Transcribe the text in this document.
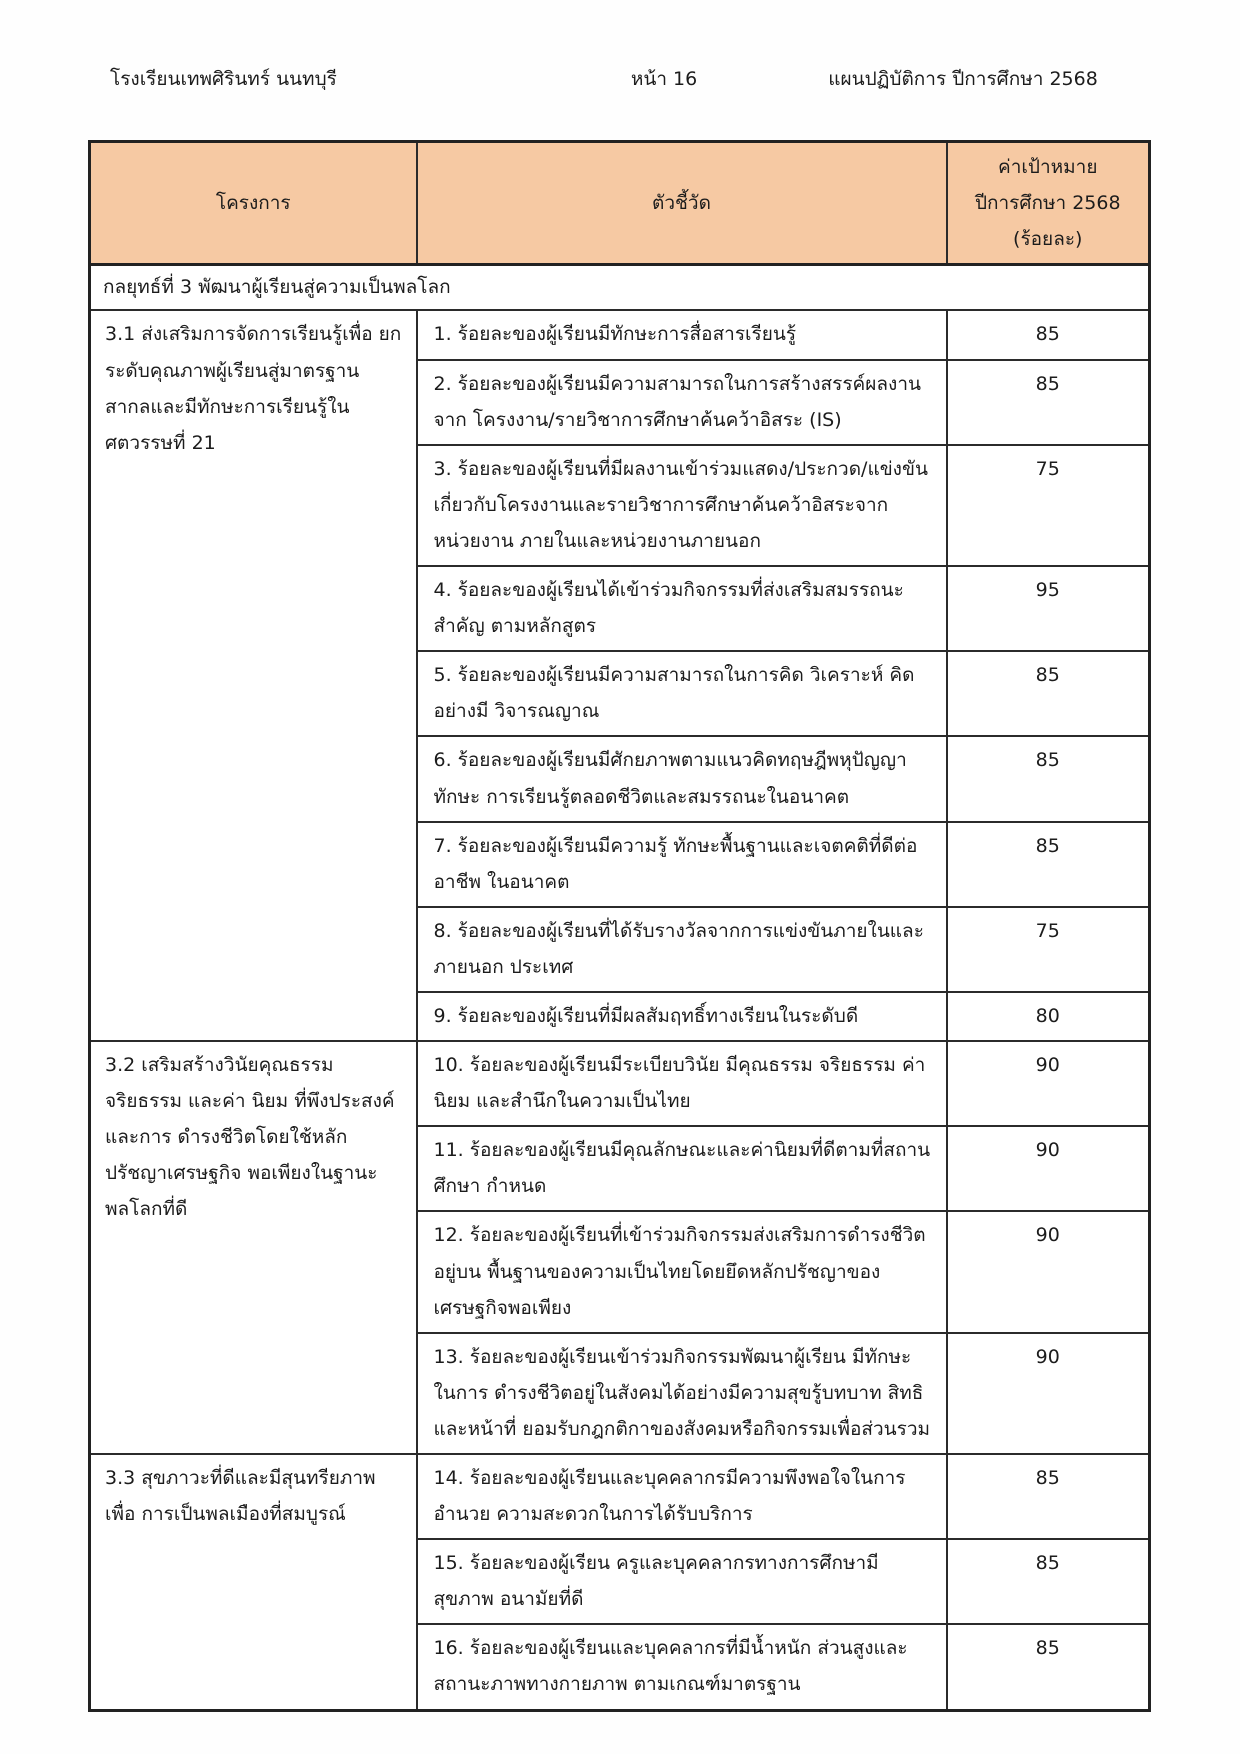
โรงเรียนเทพศิรินทร์ นนทบุรี	หน้า 16	แผนปฏิบัติการ ปีการศึกษา 2568
โครงการ	ตัวชี้วัด	ค่าเป้าหมาย
ปีการศึกษา 2568
(ร้อยละ)

กลยุทธ์ที่ 3 พัฒนาผู้เรียนสู่ความเป็นพลโลก		
3.1 ส่งเสริมการจัดการเรียนรู้เพื่อ ยกระดับคุณภาพผู้เรียนสู่มาตรฐาน สากลและมีทักษะการเรียนรู้ใน ศตวรรษที่ 21	1. ร้อยละของผู้เรียนมีทักษะการสื่อสารเรียนรู้	85
	2. ร้อยละของผู้เรียนมีความสามารถในการสร้างสรรค์ผลงานจาก โครงงาน/รายวิชาการศึกษาค้นคว้าอิสระ (IS)	85
	3. ร้อยละของผู้เรียนที่มีผลงานเข้าร่วมแสดง/ประกวด/แข่งขัน เกี่ยวกับโครงงานและรายวิชาการศึกษาค้นคว้าอิสระจากหน่วยงาน ภายในและหน่วยงานภายนอก	75
	4. ร้อยละของผู้เรียนได้เข้าร่วมกิจกรรมที่ส่งเสริมสมรรถนะสำคัญ ตามหลักสูตร	95
	5. ร้อยละของผู้เรียนมีความสามารถในการคิด วิเคราะห์ คิดอย่างมี วิจารณญาณ	85
	6. ร้อยละของผู้เรียนมีศักยภาพตามแนวคิดทฤษฎีพหุปัญญา ทักษะ การเรียนรู้ตลอดชีวิตและสมรรถนะในอนาคต	85
	7. ร้อยละของผู้เรียนมีความรู้ ทักษะพื้นฐานและเจตคติที่ดีต่ออาชีพ ในอนาคต	85
	8. ร้อยละของผู้เรียนที่ได้รับรางวัลจากการแข่งขันภายในและ ภายนอก ประเทศ	75
	9. ร้อยละของผู้เรียนที่มีผลสัมฤทธิ์ทางเรียนในระดับดี	80
3.2 เสริมสร้างวินัยคุณธรรม จริยธรรม และค่า นิยม ที่พึงประสงค์และการ ดำรงชีวิตโดยใช้หลัก ปรัชญาเศรษฐกิจ พอเพียงในฐานะพลโลกที่ดี	10. ร้อยละของผู้เรียนมีระเบียบวินัย มีคุณธรรม จริยธรรม ค่านิยม และสำนึกในความเป็นไทย	90
	11. ร้อยละของผู้เรียนมีคุณลักษณะและค่านิยมที่ดีตามที่สถานศึกษา กำหนด	90
	12. ร้อยละของผู้เรียนที่เข้าร่วมกิจกรรมส่งเสริมการดำรงชีวิตอยู่บน พื้นฐานของความเป็นไทยโดยยึดหลักปรัชญาของเศรษฐกิจพอเพียง	90
	13. ร้อยละของผู้เรียนเข้าร่วมกิจกรรมพัฒนาผู้เรียน มีทักษะในการ ดำรงชีวิตอยู่ในสังคมได้อย่างมีความสุขรู้บทบาท สิทธิ และหน้าที่ ยอมรับกฎกติกาของสังคมหรือกิจกรรมเพื่อส่วนรวม	90
3.3 สุขภาวะที่ดีและมีสุนทรียภาพเพื่อ การเป็นพลเมืองที่สมบูรณ์	14. ร้อยละของผู้เรียนและบุคคลากรมีความพึงพอใจในการอำนวย ความสะดวกในการได้รับบริการ	85
	15. ร้อยละของผู้เรียน ครูและบุคคลากรทางการศึกษามีสุขภาพ อนามัยที่ดี	85
	16. ร้อยละของผู้เรียนและบุคคลากรที่มีน้ำหนัก ส่วนสูงและ สถานะภาพทางกายภาพ ตามเกณฑ์มาตรฐาน	85
